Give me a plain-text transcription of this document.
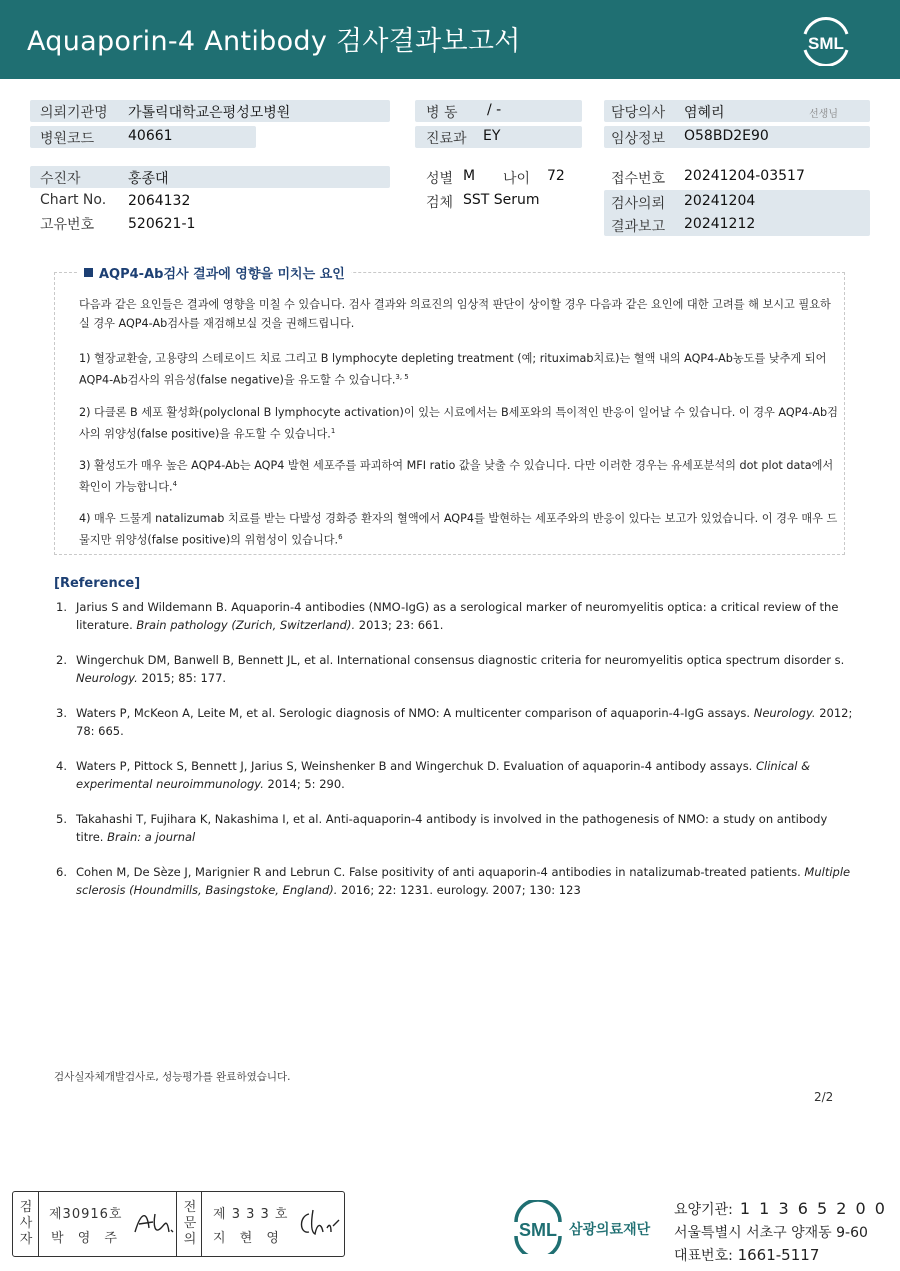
Aquaporin-4 Antibody 검사결과보고서	SML
의뢰기관명 가톨릭대학교은평성모병원
병원코드 40661
병 동 / -
진료과 EY
담당의사 염혜리	선생님
임상정보 O58BD2E90
수진자	홍종대
Chart No. 2064132
고유번호 520621-1
성별 M 나이 72
검체 SST Serum
접수번호 20241204-03517
검사의뢰 20241204
결과보고 20241212
AQP4-Ab검사 결과에 영향을 미치는 요인
다음과 같은 요인들은 결과에 영향을 미칠 수 있습니다. 검사 결과와 의료진의 임상적 판단이 상이할 경우 다음과 같은 요인에 대한 고려를 해 보시고 필요하실 경우 AQP4-Ab검사를 재검해보실 것을 권해드립니다.
1) 혈장교환술, 고용량의 스테로이드 치료 그리고 B lymphocyte depleting treatment (예; rituximab치료)는 혈액 내의 AQP4-Ab농도를 낮추게 되어 AQP4-Ab검사의 위음성(false negative)을 유도할 수 있습니다.$^{3, 5}$
2) 다클론 B 세포 활성화(polyclonal B lymphocyte activation)이 있는 시료에서는 B세포와의 특이적인 반응이 일어날 수 있습니다. 이 경우 AQP4-Ab검사의 위양성(false positive)을 유도할 수 있습니다.$^1$
3) 활성도가 매우 높은 AQP4-Ab는 AQP4 발현 세포주를 파괴하여 MFI ratio 값을 낮출 수 있습니다. 다만 이러한 경우는 유세포분석의 dot plot data에서 확인이 가능합니다.$^4$
4) 매우 드물게 natalizumab 치료를 받는 다발성 경화증 환자의 혈액에서 AQP4를 발현하는 세포주와의 반응이 있다는 보고가 있었습니다. 이 경우 매우 드물지만 위양성(false positive)의 위험성이 있습니다.$^6$
[Reference]
1. Jarius S and Wildemann B. Aquaporin-4 antibodies (NMO-IgG) as a serological marker of neuromyelitis optica: a critical review of the literature. Brain pathology (Zurich, Switzerland). 2013; 23: 661.
2. Wingerchuk DM, Banwell B, Bennett JL, et al. International consensus diagnostic criteria for neuromyelitis optica spectrum disorder s. Neurology. 2015; 85: 177.
3. Waters P, McKeon A, Leite M, et al. Serologic diagnosis of NMO: A multicenter comparison of aquaporin-4-IgG assays. Neurology. 2012; 78: 665.
4. Waters P, Pittock S, Bennett J, Jarius S, Weinshenker B and Wingerchuk D. Evaluation of aquaporin-4 antibody assays. Clinical & experimental neuroimmunology. 2014; 5: 290.
5. Takahashi T, Fujihara K, Nakashima I, et al. Anti-aquaporin-4 antibody is involved in the pathogenesis of NMO: a study on antibody titre. Brain: a journal
6. Cohen M, De Sèze J, Marignier R and Lebrun C. False positivity of anti aquaporin-4 antibodies in natalizumab-treated patients. Multiple sclerosis (Houndmills, Basingstoke, England). 2016; 22: 1231. eurology. 2007; 130: 123
검사실자체개발검사로, 성능평가를 완료하였습니다.
2/2
검
사
자
제30916호
박 영 주
전
문
의
제 3 3 3 호
지 현 영	SML 삼광의료재단
요양기관: 1 1 3 6 5 2 0 0
서울특별시 서초구 양재동 9-60
대표번호: 1661-5117
